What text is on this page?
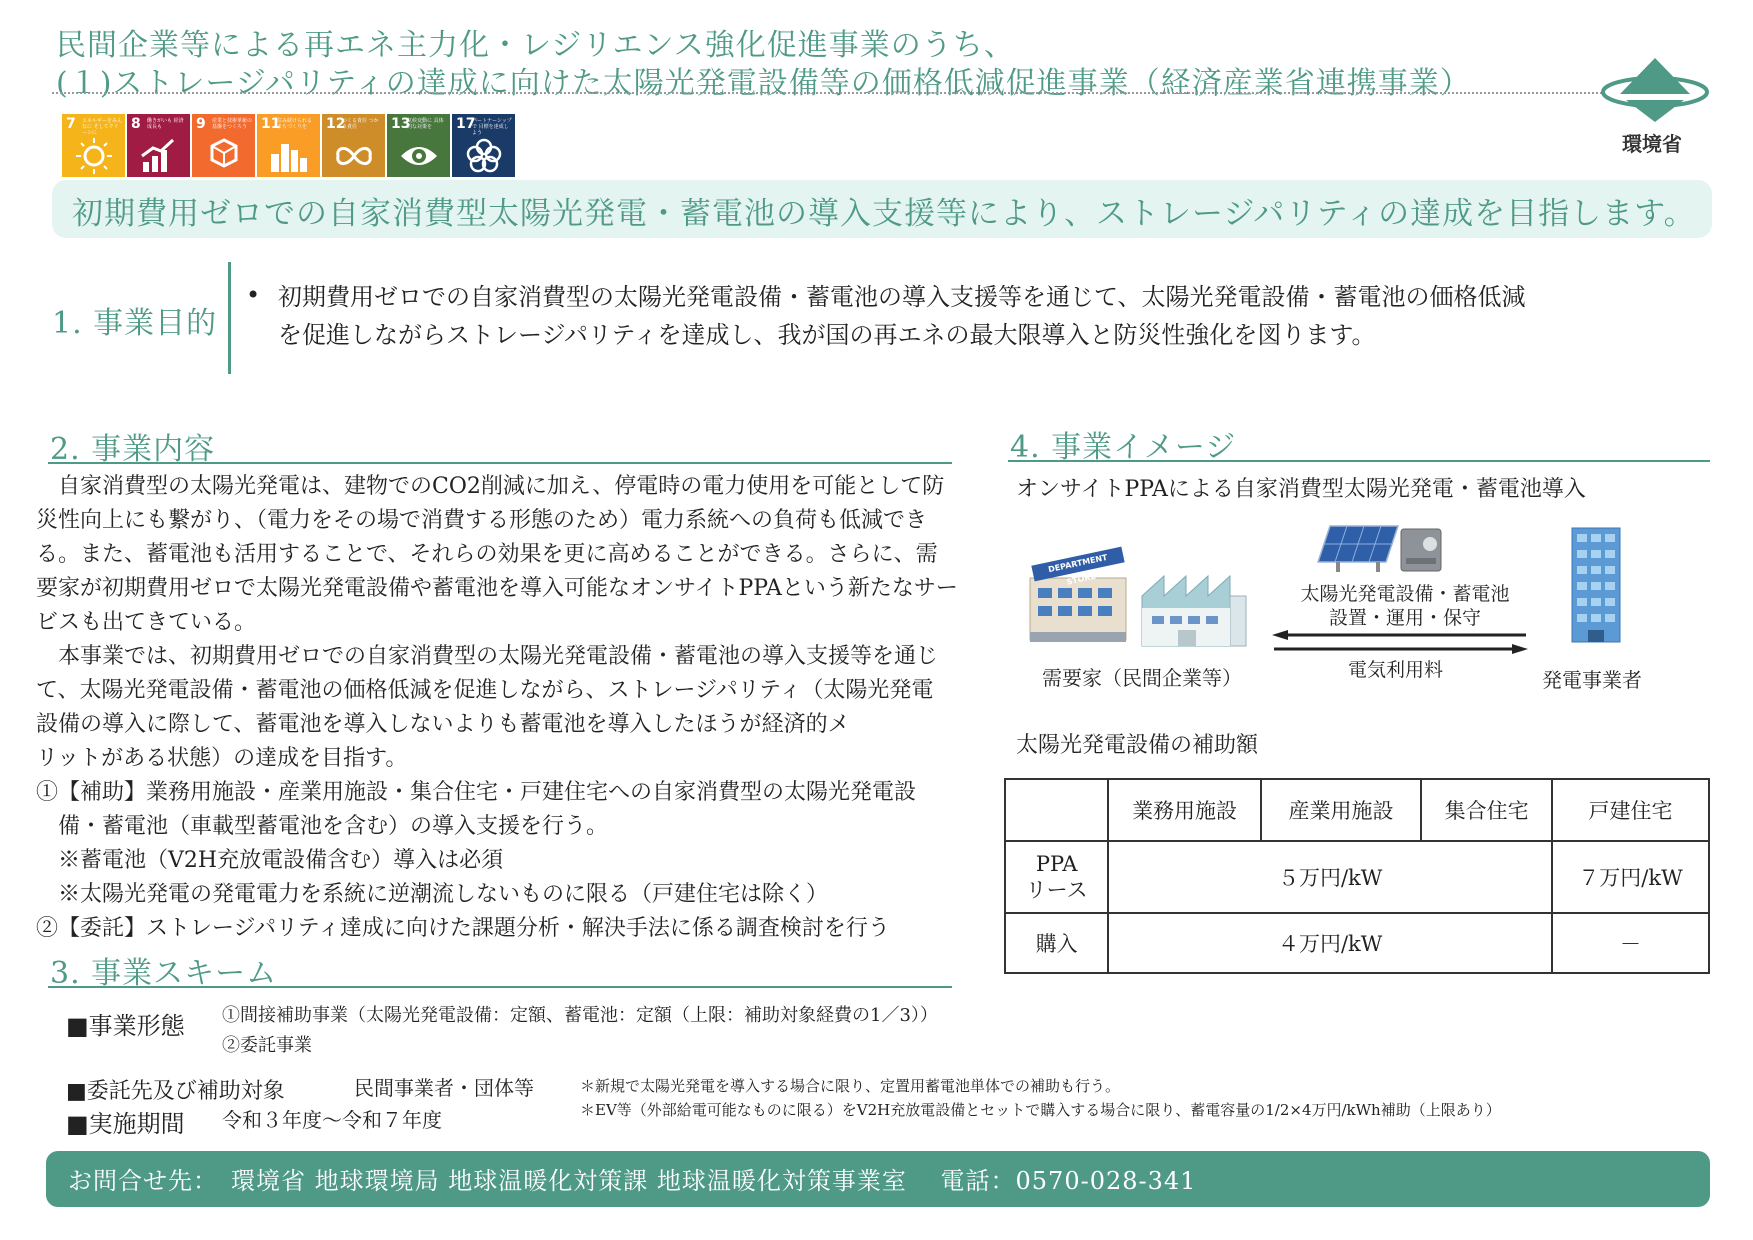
民間企業等による再エネ主力化・レジリエンス強化促進事業のうち、
(１)ストレージパリティの達成に向けた太陽光発電設備等の価格低減促進事業（経済産業省連携事業）
環境省
7 エネルギーをみんなに そしてクリーンに
8 働きがいも 経済成長も	9 産業と技術革新の 基盤をつくろう 11
住み続けられる まちづくりを	12
つくる責任 つかう責任	13
気候変動に 具体的な対策を	17
パートナーシップで 目標を達成しよう
初期費用ゼロでの自家消費型太陽光発電・蓄電池の導入支援等により、ストレージパリティの達成を目指します。
1. 事業目的
• 初期費用ゼロでの自家消費型の太陽光発電設備・蓄電池の導入支援等を通じて、太陽光発電設備・蓄電池の価格低減
を促進しながらストレージパリティを達成し、我が国の再エネの最大限導入と防災性強化を図ります。
2. 事業内容
　自家消費型の太陽光発電は、建物でのCO2削減に加え、停電時の電力使用を可能として防
災性向上にも繋がり、（電力をその場で消費する形態のため）電力系統への負荷も低減でき
る。また、蓄電池も活用することで、それらの効果を更に高めることができる。さらに、需
要家が初期費用ゼロで太陽光発電設備や蓄電池を導入可能なオンサイトPPAという新たなサー
ビスも出てきている。
　本事業では、初期費用ゼロでの自家消費型の太陽光発電設備・蓄電池の導入支援等を通じ
て、太陽光発電設備・蓄電池の価格低減を促進しながら、ストレージパリティ（太陽光発電
設備の導入に際して、蓄電池を導入しないよりも蓄電池を導入したほうが経済的メ
リットがある状態）の達成を目指す。
①【補助】業務用施設・産業用施設・集合住宅・戸建住宅への自家消費型の太陽光発電設
　備・蓄電池（車載型蓄電池を含む）の導入支援を行う。
　※蓄電池（V2H充放電設備含む）導入は必須
　※太陽光発電の発電電力を系統に逆潮流しないものに限る（戸建住宅は除く）
②【委託】ストレージパリティ達成に向けた課題分析・解決手法に係る調査検討を行う
3. 事業スキーム
■事業形態 ①間接補助事業（太陽光発電設備：定額、蓄電池：定額（上限：補助対象経費の1／3））
②委託事業
■委託先及び補助対象	民間事業者・団体等
■実施期間 令和３年度～令和７年度
＊新規で太陽光発電を導入する場合に限り、定置用蓄電池単体での補助も行う。
＊EV等（外部給電可能なものに限る）をV2H充放電設備とセットで購入する場合に限り、蓄電容量の1/2×4万円/kWh補助（上限あり）
4. 事業イメージ
オンサイトPPAによる自家消費型太陽光発電・蓄電池導入
DEPARTMENT STORE
太陽光発電設備・蓄電池
設置・運用・保守
電気利用料
需要家（民間企業等）	発電事業者
太陽光発電設備の補助額
	業務用施設	産業用施設	集合住宅	戸建住宅

PPA
リース	５万円/kW			７万円/kW
購入	４万円/kW			－
お問合せ先：　環境省 地球環境局 地球温暖化対策課 地球温暖化対策事業室　 電話：0570-028-341
